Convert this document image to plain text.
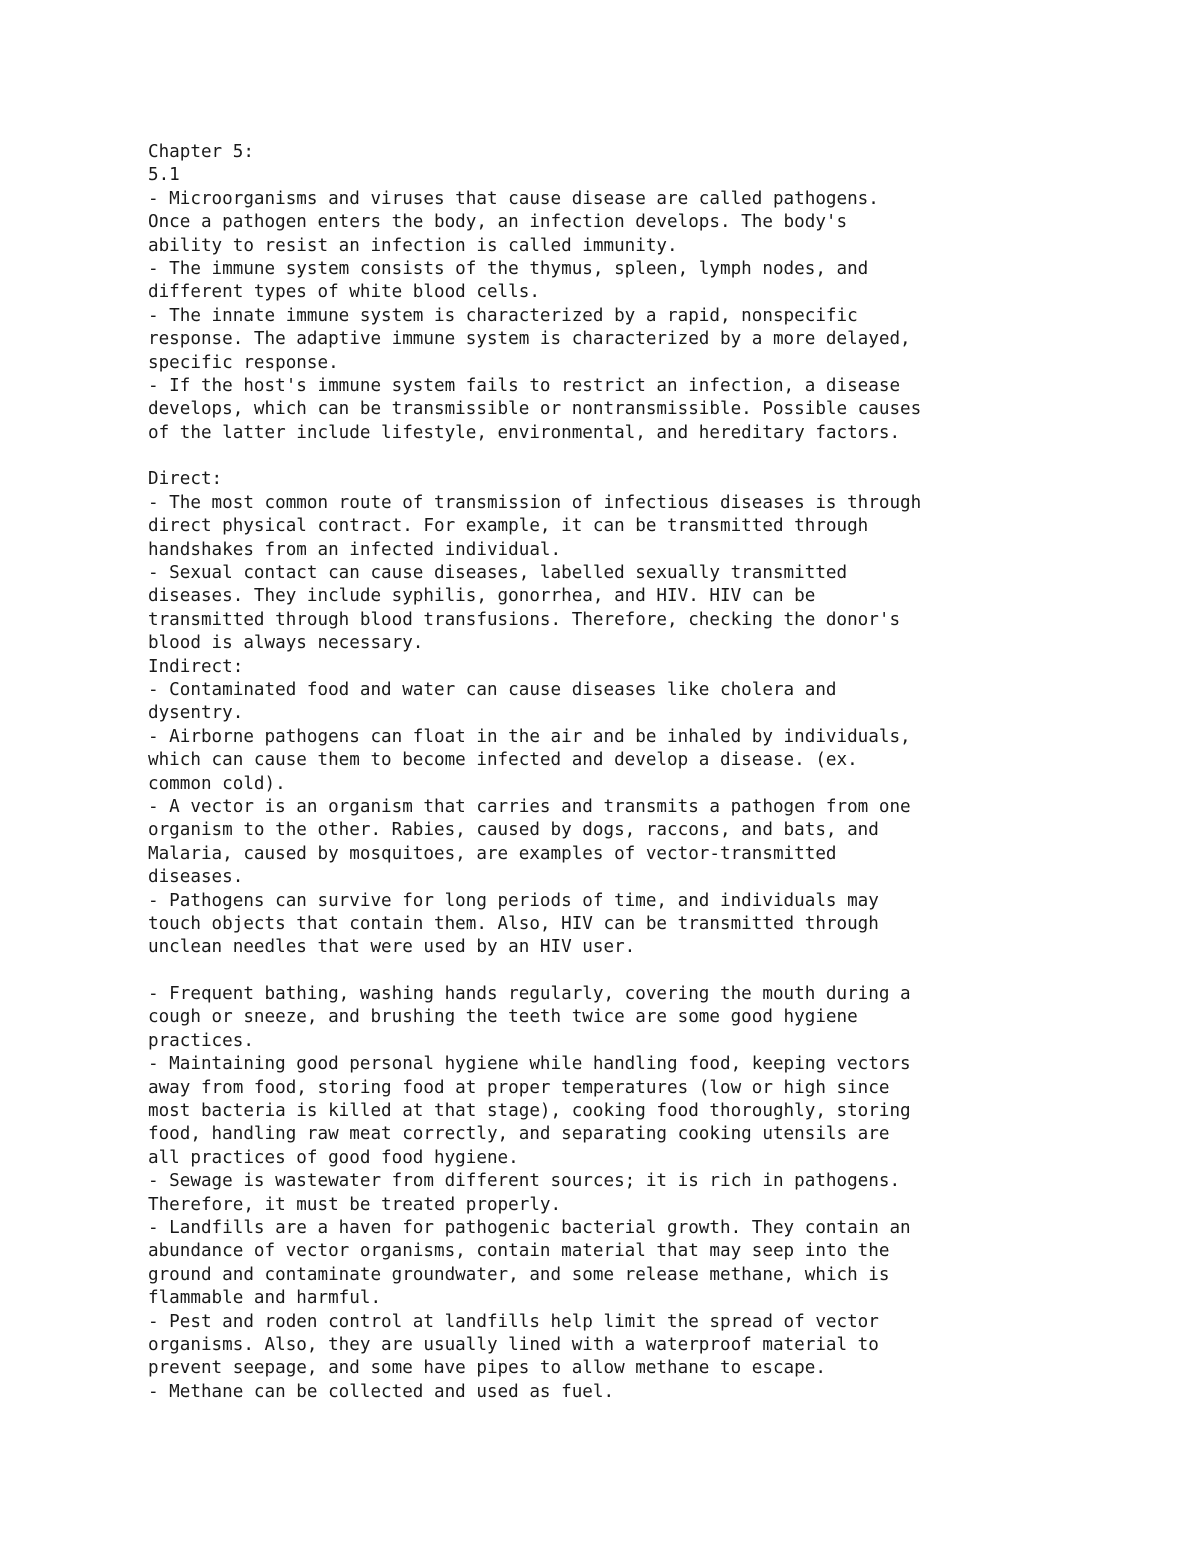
Chapter 5:
5.1
- Microorganisms and viruses that cause disease are called pathogens.
Once a pathogen enters the body, an infection develops. The body's
ability to resist an infection is called immunity.
- The immune system consists of the thymus, spleen, lymph nodes, and
different types of white blood cells.
- The innate immune system is characterized by a rapid, nonspecific
response. The adaptive immune system is characterized by a more delayed,
specific response.
- If the host's immune system fails to restrict an infection, a disease
develops, which can be transmissible or nontransmissible. Possible causes
of the latter include lifestyle, environmental, and hereditary factors.
Direct:
- The most common route of transmission of infectious diseases is through
direct physical contract. For example, it can be transmitted through
handshakes from an infected individual.
- Sexual contact can cause diseases, labelled sexually transmitted
diseases. They include syphilis, gonorrhea, and HIV. HIV can be
transmitted through blood transfusions. Therefore, checking the donor's
blood is always necessary.
Indirect:
- Contaminated food and water can cause diseases like cholera and
dysentry.
- Airborne pathogens can float in the air and be inhaled by individuals,
which can cause them to become infected and develop a disease. (ex.
common cold).
- A vector is an organism that carries and transmits a pathogen from one
organism to the other. Rabies, caused by dogs, raccons, and bats, and
Malaria, caused by mosquitoes, are examples of vector-transmitted
diseases.
- Pathogens can survive for long periods of time, and individuals may
touch objects that contain them. Also, HIV can be transmitted through
unclean needles that were used by an HIV user.
- Frequent bathing, washing hands regularly, covering the mouth during a
cough or sneeze, and brushing the teeth twice are some good hygiene
practices.
- Maintaining good personal hygiene while handling food, keeping vectors
away from food, storing food at proper temperatures (low or high since
most bacteria is killed at that stage), cooking food thoroughly, storing
food, handling raw meat correctly, and separating cooking utensils are
all practices of good food hygiene.
- Sewage is wastewater from different sources; it is rich in pathogens.
Therefore, it must be treated properly.
- Landfills are a haven for pathogenic bacterial growth. They contain an
abundance of vector organisms, contain material that may seep into the
ground and contaminate groundwater, and some release methane, which is
flammable and harmful.
- Pest and roden control at landfills help limit the spread of vector
organisms. Also, they are usually lined with a waterproof material to
prevent seepage, and some have pipes to allow methane to escape.
- Methane can be collected and used as fuel.
